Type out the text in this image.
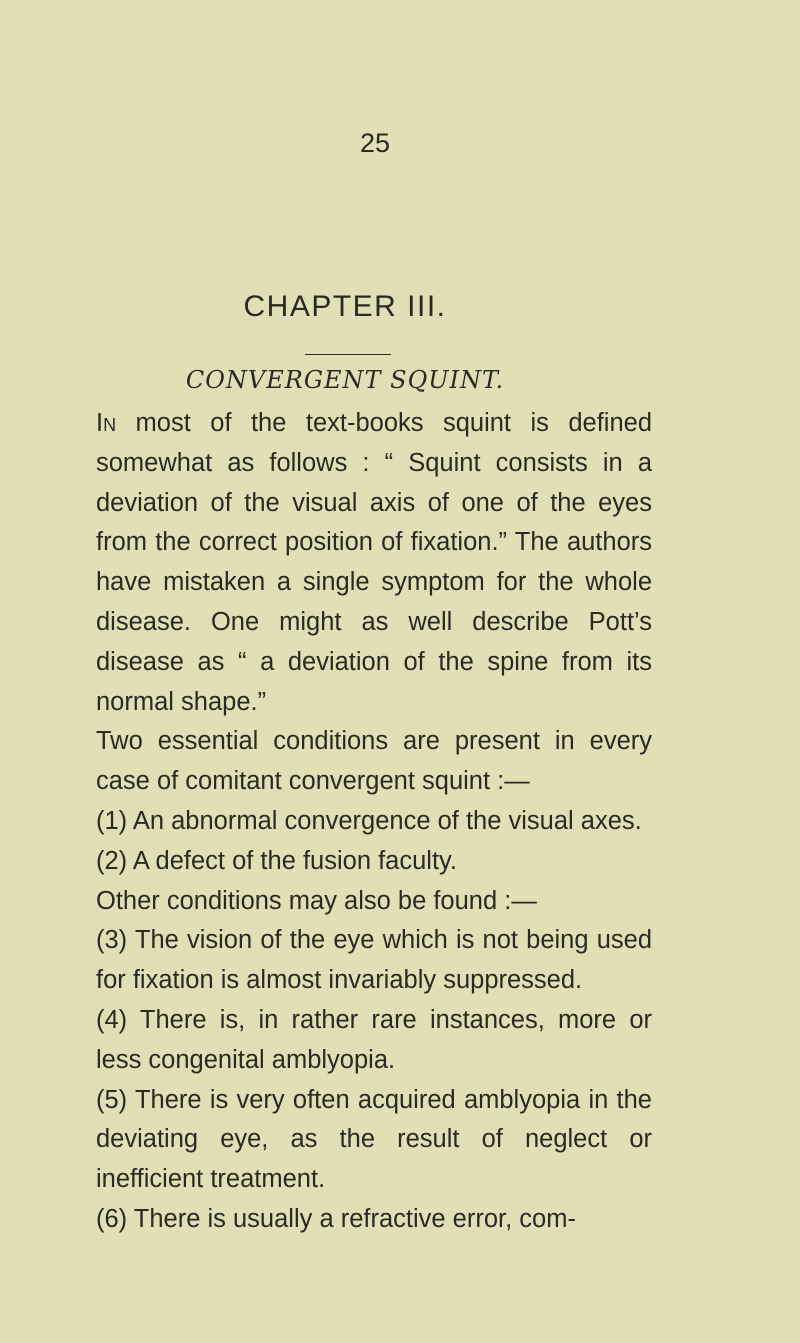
25
CHAPTER III.
CONVERGENT SQUINT.

In most of the text-books squint is defined somewhat as follows : “ Squint consists in a deviation of the visual axis of one of the eyes from the correct position of fixation.” The authors have mistaken a single symptom for the whole disease. One might as well describe Pott’s disease as “ a deviation of the spine from its normal shape.”

Two essential conditions are present in every case of comitant convergent squint :—

(1) An abnormal convergence of the visual axes.

(2) A defect of the fusion faculty.

Other conditions may also be found :—

(3) The vision of the eye which is not being used for fixation is almost invariably suppressed.

(4) There is, in rather rare instances, more or less congenital amblyopia.

(5) There is very often acquired amblyopia in the deviating eye, as the result of neglect or inefficient treatment.

(6) There is usually a refractive error, com-
